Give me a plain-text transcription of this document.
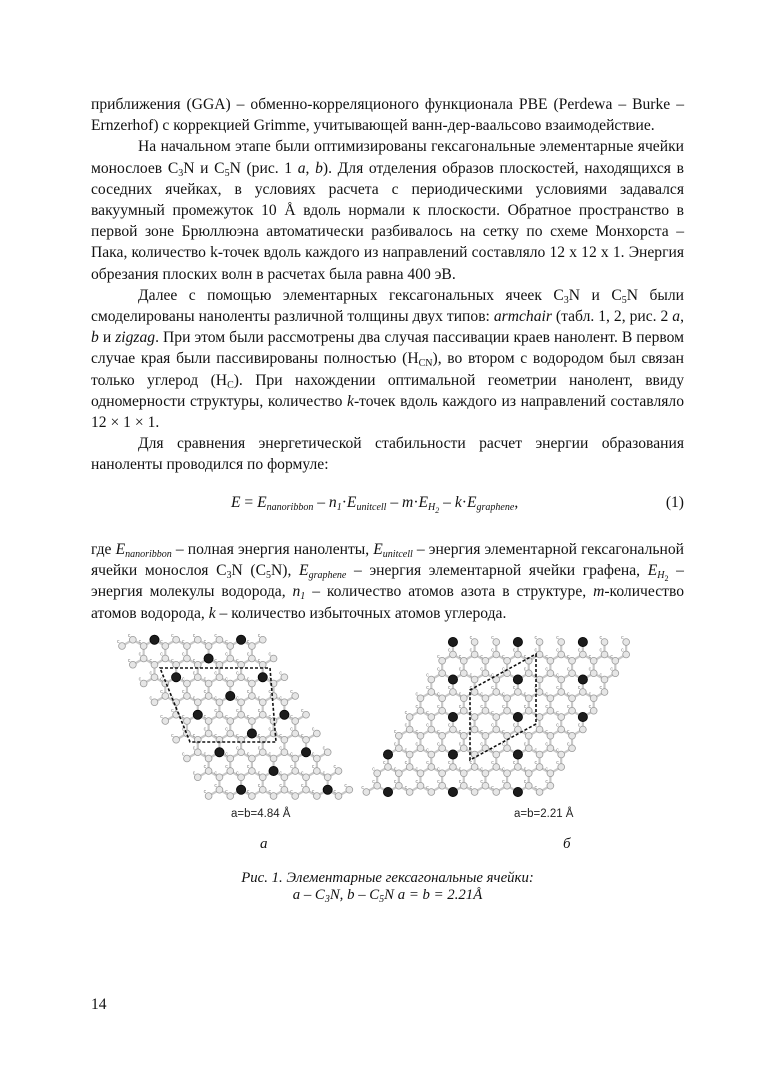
приближения (GGA) – обменно-корреляционого функционала PBE (Perdewa – Burke – Ernzerhof) с коррекцией Grimme, учитывающей ванн-дер-ваальсово взаимодействие.

На начальном этапе были оптимизированы гексагональные элементарные ячейки монослоев $C_3N$ и $C_5N$ (рис. 1 a, b). Для отделения образов плоскостей, находящихся в соседних ячейках, в условиях расчета с периодическими условиями задавался вакуумный промежуток 10 Å вдоль нормали к плоскости. Обратное пространство в первой зоне Брюллюэна автоматически разбивалось на сетку по схеме Монхорста – Пака, количество k-точек вдоль каждого из направлений составляло 12 x 12 x 1. Энергия обрезания плоских волн в расчетах была равна 400 эВ.

Далее с помощью элементарных гексагональных ячеек $C_3N$ и $C_5N$ были смоделированы наноленты различной толщины двух типов: armchair (табл. 1, 2, рис. 2 a, b и zigzag. При этом были рассмотрены два случая пассивации краев нанолент. В первом случае края были пассивированы полностью $(H_{CN})$, во втором с водородом был связан только углерод $(H_C)$. При нахождении оптимальной геометрии нанолент, ввиду одномерности структуры, количество k-точек вдоль каждого из направлений составляло 12 × 1 × 1.

Для сравнения энергетической стабильности расчет энергии образования наноленты проводился по формуле:

$E = E_{nanoribbon} - n_1\cdot E_{unitcell} - m\cdot E_{H_2} - k\cdot E_{graphene}$,	(1)

где $E_{nanoribbon}$ – полная энергия наноленты, $E_{unitcell}$ – энергия элементарной гексагональной ячейки монослоя $C_3N$ $(C_5N)$, $E_{graphene}$ – энергия элементарной ячейки графена, $E_{H_2}$ – энергия молекулы водорода, $n_1$ – количество атомов азота в структуре, m-количество атомов водорода, k – количество избыточных атомов углерода.

c
c
c
c
c
c
c
c
c
c
c
c
c
c
c
c
c
c
c
c
c
c
c
c
c
c
c
c
c
c
c
c
c
c
c
c
c
c
c
c
c
c
c
c
c
c
c
c
c
c
c
c
c
c
c
c
c
c
c
c
c
c
c
c
c
c
c
c
c
c
c
c
c
c
c
c
c
c
c
c
c
c
c
c
c
c
c
c
c
c
c
c
c
c
c
c
c
c
c
c
c
c
c
c
c
c
c
c
c
c
c
c
a=b=4.84 Å
a
c
c
c
c
c
c
c
c
c
c
c
c
c
c
c
c
c
c
c
c
c
c
c
c
c
c
c
c
c
c
c
c
c
c
c
c
c
c
c
c
c
c
c
c
c
c
c
c
c
c
c
c
c
c
c
c
c
c
c
c
c
c
c
c
c
c
c
c
c
c
c
c
c
c
c
c
c
c
c
c
c
c
c
c
c
c
c
c
c
c
c
c
c
c
c
c
c
c
c
c
c
c
c
c
c
c
c
c
c
c
c
c
c
c
c
c
c
c
c
c
c
c
c
c
c
c
c
c
c
c
c
c
c
c
c
c
c
c
a=b=2.21 Å
б
Рис. 1. Элементарные гексагональные ячейки:
a – $C_3N$, b – $C_5N$ a = b = 2.21Å
14
